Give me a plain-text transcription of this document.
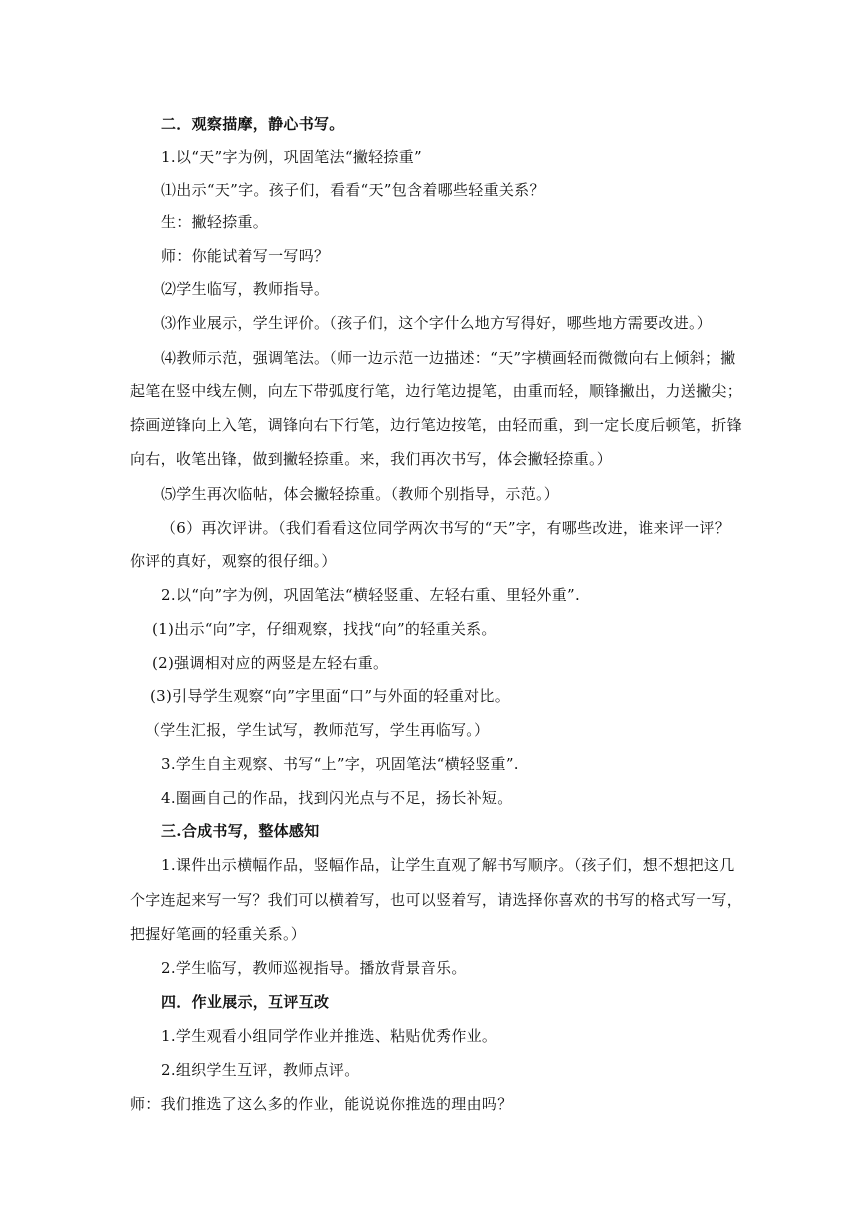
二．观察描摩，静心书写。
1.以“天”字为例，巩固笔法“撇轻捺重”
⑴出示“天”字。孩子们，看看“天”包含着哪些轻重关系？
生：撇轻捺重。
师：你能试着写一写吗？
⑵学生临写，教师指导。
⑶作业展示，学生评价。（孩子们，这个字什么地方写得好，哪些地方需要改进。）
⑷教师示范，强调笔法。（师一边示范一边描述：“天”字横画轻而微微向右上倾斜；撇
起笔在竖中线左侧，向左下带弧度行笔，边行笔边提笔，由重而轻，顺锋撇出，力送撇尖；
捺画逆锋向上入笔，调锋向右下行笔，边行笔边按笔，由轻而重，到一定长度后顿笔，折锋
向右，收笔出锋，做到撇轻捺重。来，我们再次书写，体会撇轻捺重。）
⑸学生再次临帖，体会撇轻捺重。（教师个别指导，示范。）
（6）再次评讲。（我们看看这位同学两次书写的“天”字，有哪些改进，谁来评一评？
你评的真好，观察的很仔细。）
2.以“向”字为例，巩固笔法“横轻竖重、左轻右重、里轻外重”.
(1)出示“向”字，仔细观察，找找“向”的轻重关系。
(2)强调相对应的两竖是左轻右重。
(3)引导学生观察“向”字里面“口”与外面的轻重对比。
（学生汇报，学生试写，教师范写，学生再临写。）
3.学生自主观察、书写“上”字，巩固笔法“横轻竖重”.
4.圈画自己的作品，找到闪光点与不足，扬长补短。
三.合成书写，整体感知
1.课件出示横幅作品，竖幅作品，让学生直观了解书写顺序。（孩子们，想不想把这几
个字连起来写一写？我们可以横着写，也可以竖着写，请选择你喜欢的书写的格式写一写，
把握好笔画的轻重关系。）
2.学生临写，教师巡视指导。播放背景音乐。
四．作业展示，互评互改
1.学生观看小组同学作业并推选、粘贴优秀作业。
2.组织学生互评，教师点评。
师：我们推选了这么多的作业，能说说你推选的理由吗？
